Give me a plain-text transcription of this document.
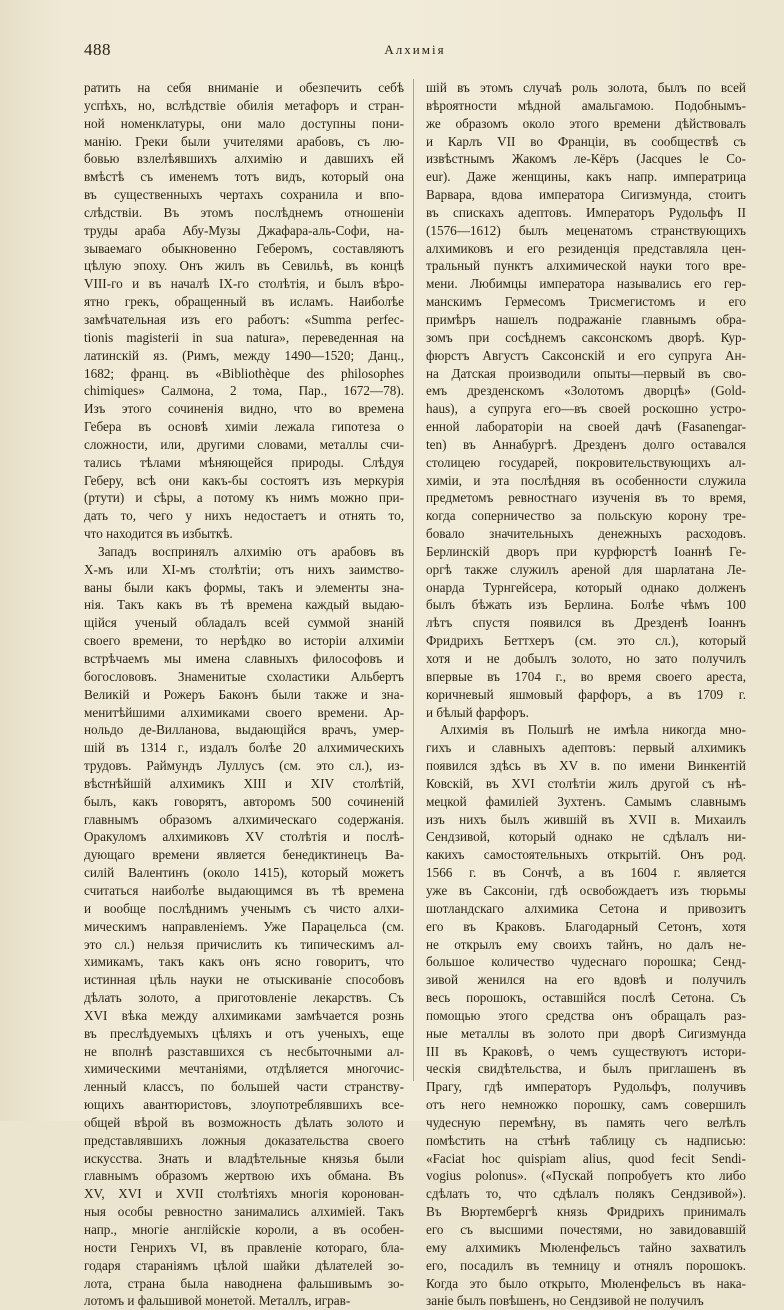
488	Алхимія
ратить на себя вниманіе и обезпечить себѣ
успѣхъ, но, вслѣдствіе обилія метафоръ и стран-
ной номенклатуры, они мало доступны пони-
манію. Греки были учителями арабовъ, съ лю-
бовью взлелѣявшихъ алхимію и давшихъ ей
вмѣстѣ съ именемъ тотъ видъ, который она
въ существенныхъ чертахъ сохранила и впо-
слѣдствіи. Въ этомъ послѣднемъ отношеніи
труды араба Абу-Музы Джафара-аль-Софи, на-
зываемаго обыкновенно Геберомъ, составляютъ
цѣлую эпоху. Онъ жилъ въ Севильѣ, въ концѣ
VIII-го и въ началѣ IX-го столѣтія, и былъ вѣро-
ятно грекъ, обращенный въ исламъ. Наиболѣе
замѣчательная изъ его работъ: «Summa perfec-
tionis magisterii in sua natura», переведенная на
латинскій яз. (Римъ, между 1490—1520; Данц.,
1682; франц. въ «Bibliothèque des philosophes
chimiques» Салмона, 2 тома, Пар., 1672—78).
Изъ этого сочиненія видно, что во времена
Гебера въ основѣ химіи лежала гипотеза о
сложности, или, другими словами, металлы счи-
тались тѣлами мѣняющейся природы. Слѣдуя
Геберу, всѣ они какъ-бы состоятъ изъ меркурія
(ртути) и сѣры, а потому къ нимъ можно при-
дать то, чего у нихъ недостаетъ и отнять то,
что находится въ избыткѣ.
Западъ воспринялъ алхимію отъ арабовъ въ
X-мъ или XI-мъ столѣтіи; отъ нихъ заимство-
ваны были какъ формы, такъ и элементы зна-
нія. Такъ какъ въ тѣ времена каждый выдаю-
щійся ученый обладалъ всей суммой знаній
своего времени, то нерѣдко во исторіи алхиміи
встрѣчаемъ мы имена славныхъ философовъ и
богослововъ. Знаменитые схоластики Альбертъ
Великій и Рожеръ Баконъ были также и зна-
менитѣйшими алхимиками своего времени. Ар-
нольдо де-Вилланова, выдающійся врачъ, умер-
шій въ 1314 г., издалъ болѣе 20 алхимическихъ
трудовъ. Раймундъ Луллусъ (см. это сл.), из-
вѣстнѣйшій алхимикъ XIII и XIV столѣтій,
былъ, какъ говорятъ, авторомъ 500 сочиненій
главнымъ образомъ алхимическаго содержанія.
Оракуломъ алхимиковъ XV столѣтія и послѣ-
дующаго времени является бенедиктинецъ Ва-
силій Валентинъ (около 1415), который можетъ
считаться наиболѣе выдающимся въ тѣ времена
и вообще послѣднимъ ученымъ съ чисто алхи-
мическимъ направленіемъ. Уже Парацельса (см.
это сл.) нельзя причислить къ типическимъ ал-
химикамъ, такъ какъ онъ ясно говоритъ, что
истинная цѣль науки не отыскиваніе способовъ
дѣлать золото, а приготовленіе лекарствъ. Съ
XVI вѣка между алхимиками замѣчается рознь
въ преслѣдуемыхъ цѣляхъ и отъ ученыхъ, еще
не вполнѣ разставшихся съ несбыточными ал-
химическими мечтаніями, отдѣляется многочис-
ленный классъ, по большей части странству-
ющихъ авантюристовъ, злоупотреблявшихъ все-
общей вѣрой въ возможность дѣлать золото и
представлявшихъ ложныя доказательства своего
искусства. Знать и владѣтельные князья были
главнымъ образомъ жертвою ихъ обмана. Въ
XV, XVI и XVII столѣтіяхъ многія коронован-
ныя особы ревностно занимались алхиміей. Такъ
напр., многіе англійскіе короли, а въ особен-
ности Генрихъ VI, въ правленіе котораго, бла-
годаря стараніямъ цѣлой шайки дѣлателей зо-
лота, страна была наводнена фальшивымъ зо-
лотомъ и фальшивой монетой. Металлъ, играв-
шій въ этомъ случаѣ роль золота, былъ по всей
вѣроятности мѣдной амальгамою. Подобнымъ-
же образомъ около этого времени дѣйствовалъ
и Карлъ VII во Франціи, въ сообществѣ съ
извѣстнымъ Жакомъ ле-Кёръ (Jacques le Co-
eur). Даже женщины, какъ напр. императрица
Варвара, вдова императора Сигизмунда, стоитъ
въ спискахъ адептовъ. Императоръ Рудольфъ II
(1576—1612) былъ меценатомъ странствующихъ
алхимиковъ и его резиденція представляла цен-
тральный пунктъ алхимической науки того вре-
мени. Любимцы императора назывались его гер-
манскимъ Гермесомъ Трисмегистомъ и его
примѣръ нашелъ подражаніе главнымъ обра-
зомъ при сосѣднемъ саксонскомъ дворѣ. Кур-
фюрстъ Августъ Саксонскій и его супруга Ан-
на Датская производили опыты—первый въ сво-
емъ дрезденскомъ «Золотомъ дворцѣ» (Gold-
haus), а супруга его—въ своей роскошно устро-
енной лабораторіи на своей дачѣ (Fasanengar-
ten) въ Аннабургѣ. Дрезденъ долго оставался
столицею государей, покровительствующихъ ал-
химіи, и эта послѣдняя въ особенности служила
предметомъ ревностнаго изученія въ то время,
когда соперничество за польскую корону тре-
бовало значительныхъ денежныхъ расходовъ.
Берлинскій дворъ при курфюрстѣ Іоаннѣ Ге-
оргѣ также служилъ ареной для шарлатана Ле-
онарда Турнгейсера, который однако долженъ
былъ бѣжать изъ Берлина. Болѣе чѣмъ 100
лѣтъ спустя появился въ Дрезденѣ Іоаннъ
Фридрихъ Беттхеръ (см. это сл.), который
хотя и не добылъ золото, но зато получилъ
впервые въ 1704 г., во время своего ареста,
коричневый яшмовый фарфоръ, а въ 1709 г.
и бѣлый фарфоръ.
Алхимія въ Польшѣ не имѣла никогда мно-
гихъ и славныхъ адептовъ: первый алхимикъ
появился здѣсь въ XV в. по имени Винкентій
Ковскій, въ XVI столѣтіи жилъ другой съ нѣ-
мецкой фамиліей Зухтенъ. Самымъ славнымъ
изъ нихъ былъ жившій въ XVII в. Михаилъ
Сендзивой, который однако не сдѣлалъ ни-
какихъ самостоятельныхъ открытій. Онъ род.
1566 г. въ Сончѣ, а въ 1604 г. является
уже въ Саксоніи, гдѣ освобождаетъ изъ тюрьмы
шотландскаго алхимика Сетона и привозитъ
его въ Краковъ. Благодарный Сетонъ, хотя
не открылъ ему своихъ тайнъ, но далъ не-
большое количество чудеснаго порошка; Сенд-
зивой женился на его вдовѣ и получилъ
весь порошокъ, оставшійся послѣ Сетона. Съ
помощью этого средства онъ обращалъ раз-
ные металлы въ золото при дворѣ Сигизмунда
III въ Краковѣ, о чемъ существуютъ истори-
ческія свидѣтельства, и былъ приглашенъ въ
Прагу, гдѣ императоръ Рудольфъ, получивъ
отъ него немножко порошку, самъ совершилъ
чудесную перемѣну, въ память чего велѣлъ
помѣстить на стѣнѣ таблицу съ надписью:
«Faciat hoc quispiam alius, quod fecit Sendi-
vogius polonus». («Пускай попробуетъ кто либо
сдѣлать то, что сдѣлалъ полякъ Сендзивой»).
Въ Вюртембергѣ князь Фридрихъ принималъ
его съ высшими почестями, но завидовавшій
ему алхимикъ Мюленфельсъ тайно захватилъ
его, посадилъ въ темницу и отнялъ порошокъ.
Когда это было открыто, Мюленфельсъ въ нака-
заніе былъ повѣшенъ, но Сендзивой не получилъ
